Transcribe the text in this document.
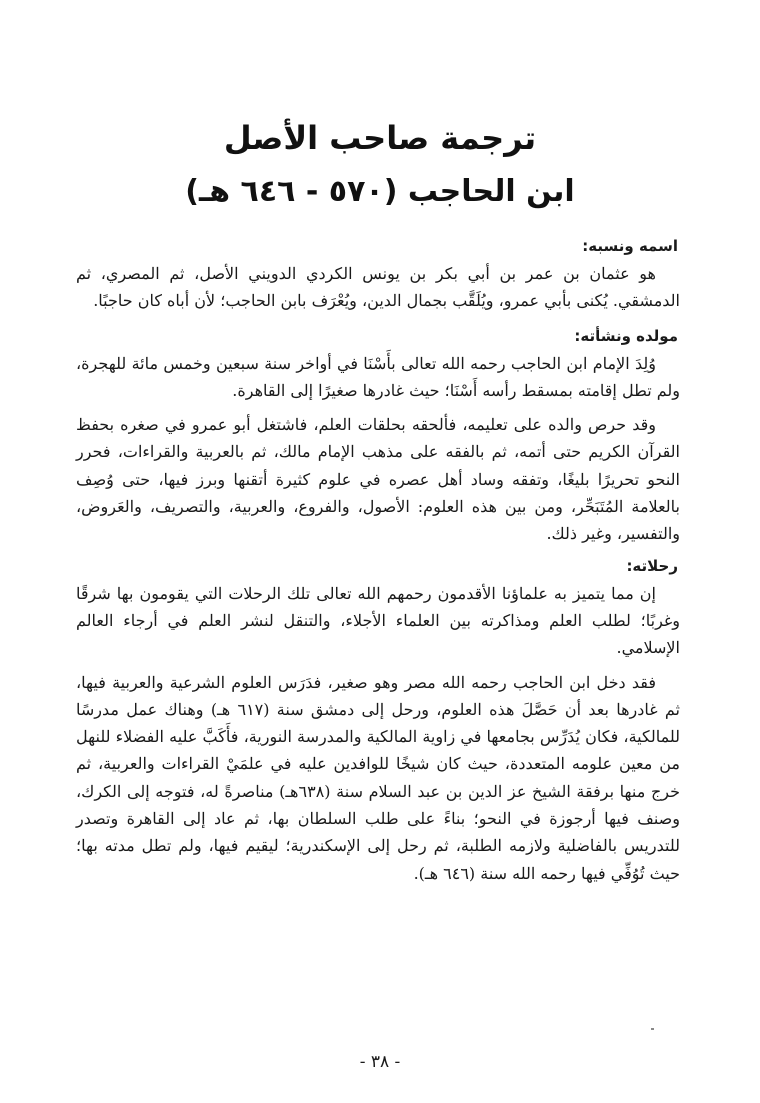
ترجمة صاحب الأصل
ابن الحاجب (٥٧٠ - ٦٤٦ هـ)
اسمه ونسبه:

هو عثمان بن عمر بن أبي بكر بن يونس الكردي الدويني الأصل، ثم المصري، ثم الدمشقي. يُكنى بأبي عمرو، ويُلَقَّب بجمال الدين، ويُعْرَف بابن الحاجب؛ لأن أباه كان حاجبًا.

مولده ونشأته:

وُلِدَ الإمام ابن الحاجب رحمه الله تعالى بأَسْنَا في أواخر سنة سبعين وخمس مائة للهجرة، ولم تطل إقامته بمسقط رأسه أَسْنَا؛ حيث غادرها صغيرًا إلى القاهرة.

وقد حرص والده على تعليمه، فألحقه بحلقات العلم، فاشتغل أبو عمرو في صغره بحفظ القرآن الكريم حتى أتمه، ثم بالفقه على مذهب الإمام مالك، ثم بالعربية والقراءات، فحرر النحو تحريرًا بليغًا، وتفقه وساد أهل عصره في علوم كثيرة أتقنها وبرز فيها، حتى وُصِف بالعلامة المُتَبَحِّر، ومن بين هذه العلوم: الأصول، والفروع، والعربية، والتصريف، والعَروض، والتفسير، وغير ذلك.

رحلاته:

إن مما يتميز به علماؤنا الأقدمون رحمهم الله تعالى تلك الرحلات التي يقومون بها شرقًا وغربًا؛ لطلب العلم ومذاكرته بين العلماء الأجلاء، والتنقل لنشر العلم في أرجاء العالم الإسلامي.

فقد دخل ابن الحاجب رحمه الله مصر وهو صغير، فدَرَس العلوم الشرعية والعربية فيها، ثم غادرها بعد أن حَصَّلَ هذه العلوم، ورحل إلى دمشق سنة (٦١٧ هـ) وهناك عمل مدرسًا للمالكية، فكان يُدَرِّس بجامعها في زاوية المالكية والمدرسة النورية، فأَكَبَّ عليه الفضلاء للنهل من معين علومه المتعددة، حيث كان شيخًا للوافدين عليه في علمَيْ القراءات والعربية، ثم خرج منها برفقة الشيخ عز الدين بن عبد السلام سنة (٦٣٨هـ) مناصرةً له، فتوجه إلى الكرك، وصنف فيها أرجوزة في النحو؛ بناءً على طلب السلطان بها، ثم عاد إلى القاهرة وتصدر للتدريس بالفاضلية ولازمه الطلبة، ثم رحل إلى الإسكندرية؛ ليقيم فيها، ولم تطل مدته بها؛ حيث تُوُفِّي فيها رحمه الله سنة (٦٤٦ هـ).

- ٣٨ -
